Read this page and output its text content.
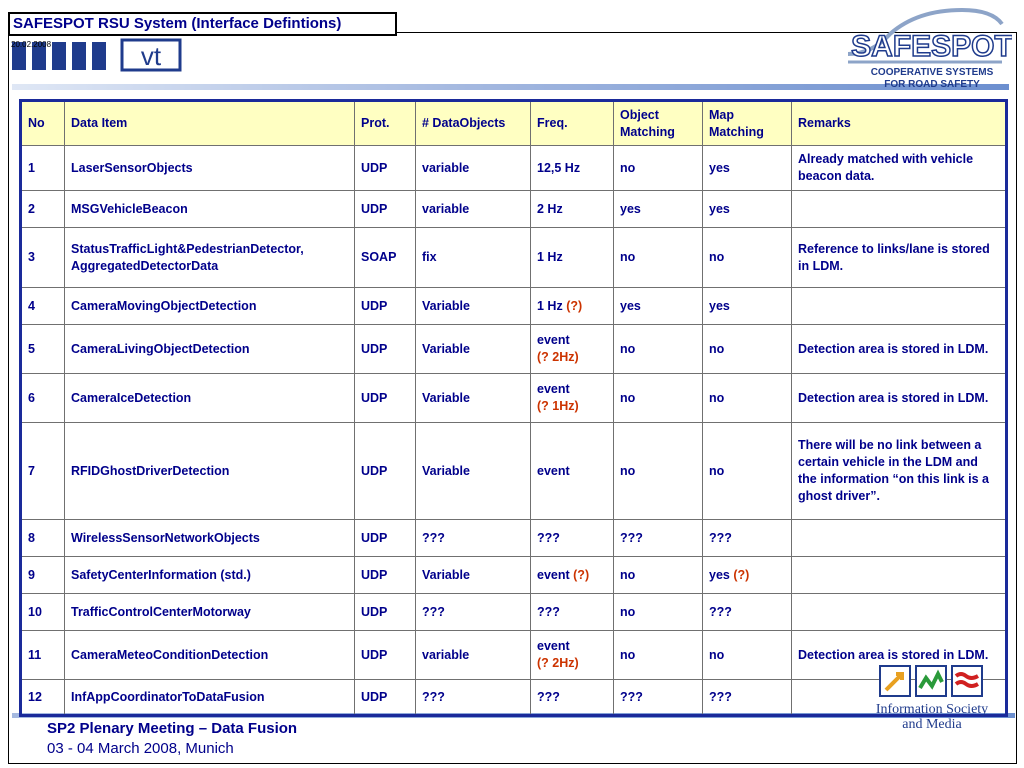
SAFESPOT RSU System (Interface Defintions)
20.02.2008	vt	SAFESPOT
COOPERATIVE SYSTEMS
FOR ROAD SAFETY
No	Data Item	Prot.	# DataObjects	Freq.	Object Matching	Map Matching	Remarks
1	LaserSensorObjects	UDP	variable	12,5 Hz	no	yes	Already matched with vehicle beacon data.
2	MSGVehicleBeacon	UDP	variable	2 Hz	yes	yes	
3	StatusTrafficLight&PedestrianDetector,
AggregatedDetectorData	SOAP	fix	1 Hz	no	no	Reference to links/lane is stored in LDM.
4	CameraMovingObjectDetection	UDP	Variable	1 Hz (?)	yes	yes	
5	CameraLivingObjectDetection	UDP	Variable	event
(? 2Hz)	no	no	Detection area is stored in LDM.
6	CameraIceDetection	UDP	Variable	event
(? 1Hz)	no	no	Detection area is stored in LDM.
7	RFIDGhostDriverDetection	UDP	Variable	event	no	no	There will be no link between a certain vehicle in the LDM and the information “on this link is a ghost driver”.
8	WirelessSensorNetworkObjects	UDP	???	???	???	???	
9	SafetyCenterInformation (std.)	UDP	Variable	event (?)	no	yes (?)	
10	TrafficControlCenterMotorway	UDP	???	???	no	???	
11	CameraMeteoConditionDetection	UDP	variable	event
(? 2Hz)	no	no	Detection area is stored in LDM.
12	InfAppCoordinatorToDataFusion	UDP	???	???	???	???	
Information Society
and Media
SP2 Plenary Meeting – Data Fusion
03 - 04 March 2008, Munich
